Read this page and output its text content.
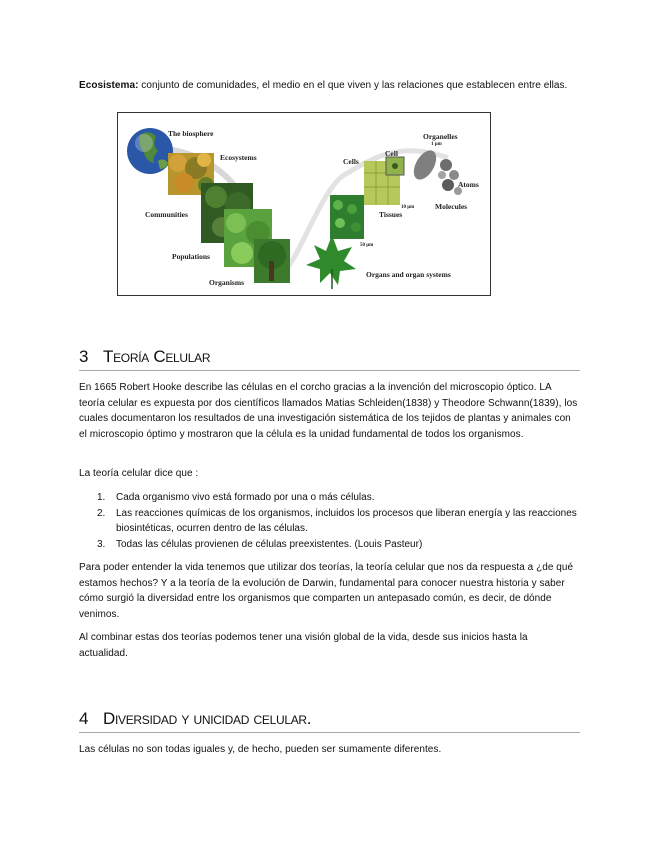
Ecosistema: conjunto de comunidades, el medio en el que viven y las relaciones que establecen entre ellas.
The biosphere
Ecosystems
Communities
Populations
Organisms
Cells
Cell
Organelles
1 µm
Atoms
Molecules
Tissues
10 µm
50 µm
Organs and organ systems
3 Teoría Celular
En 1665 Robert Hooke describe las células en el corcho gracias a la invención del microscopio óptico. LA teoría celular es expuesta por dos científicos llamados Matias Schleiden(1838) y Theodore Schwann(1839), los cuales documentaron los resultados de una investigación sistemática de los tejidos de plantas y animales con el microscopio óptimo y mostraron que la célula es la unidad fundamental de todos los organismos.
La teoría celular dice que :
1. Cada organismo vivo está formado por una o más células.
2. Las reacciones químicas de los organismos, incluidos los procesos que liberan energía y las reacciones biosintéticas, ocurren dentro de las células.
3. Todas las células provienen de células preexistentes. (Louis Pasteur)
Para poder entender la vida tenemos que utilizar dos teorías, la teoría celular que nos da respuesta a ¿de qué estamos hechos? Y a la teoría de la evolución de Darwin, fundamental para conocer nuestra historia y saber cómo surgió la diversidad entre los organismos que comparten un antepasado común, es decir, de dónde venimos.
Al combinar estas dos teorías podemos tener una visión global de la vida, desde sus inicios hasta la actualidad.
4 Diversidad y unicidad celular.
Las células no son todas iguales y, de hecho, pueden ser sumamente diferentes.
